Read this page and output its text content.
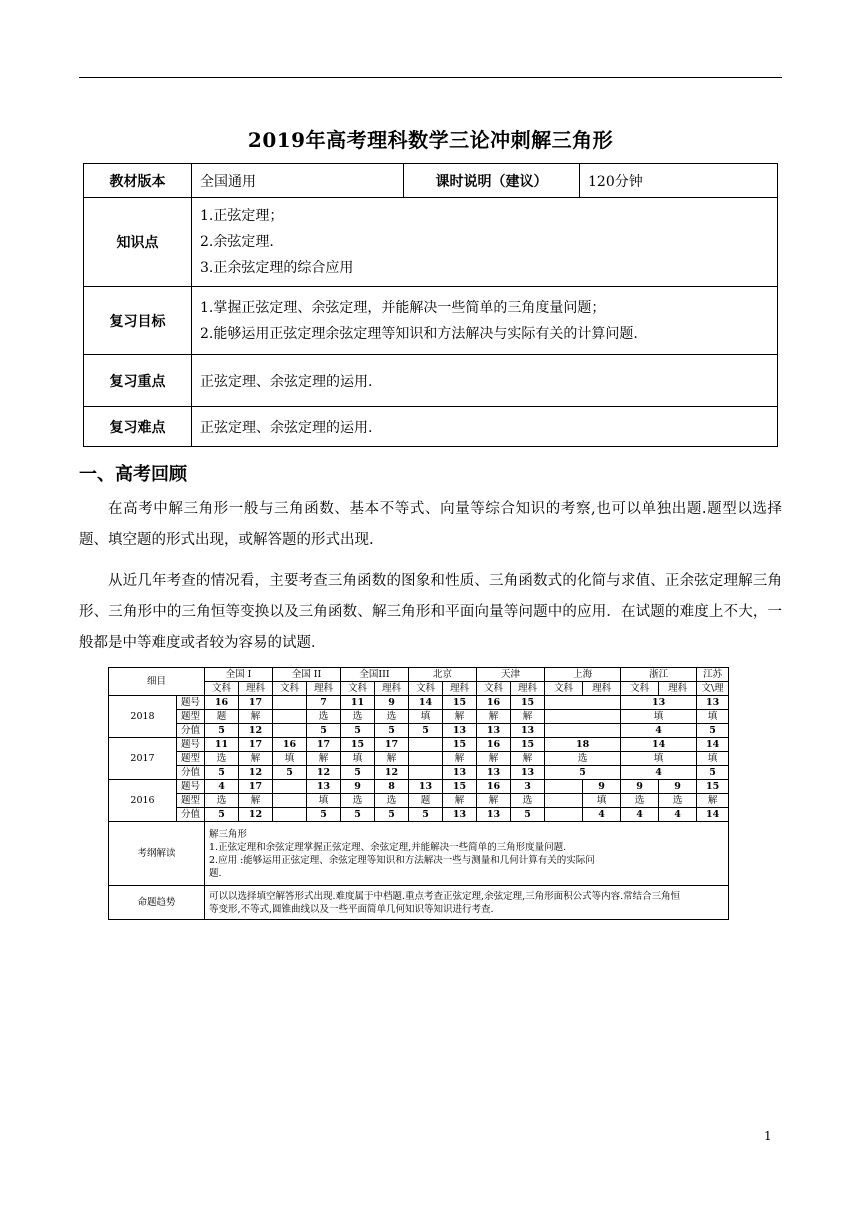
2019年高考理科数学三论冲刺解三角形
教材版本	全国通用	课时说明（建议）	120分钟
知识点	1.正弦定理；
2.余弦定理.
3.正余弦定理的综合应用		

复习目标	1.掌握正弦定理、余弦定理，并能解决一些简单的三角度量问题；
2.能够运用正弦定理余弦定理等知识和方法解决与实际有关的计算问题.		

复习重点	正弦定理、余弦定理的运用.		
复习难点	正弦定理、余弦定理的运用.		
一、高考回顾
在高考中解三角形一般与三角函数、基本不等式、向量等综合知识的考察,也可以单独出题.题型以选择题、填空题的形式出现，或解答题的形式出现.
从近几年考查的情况看，主要考查三角函数的图象和性质、三角函数式的化简与求值、正余弦定理解三角形、三角形中的三角恒等变换以及三角函数、解三角形和平面向量等问题中的应用．在试题的难度上不大，一般都是中等难度或者较为容易的试题．
细目		全国 I		全国 II		全国III		北京		天津		上海		浙江		江苏
		文科	理科	文科	理科	文科	理科	文科	理科	文科	理科	文科	理科	文科	理科	文\理
2018	题号	16	17		7	11	9	14	15	16	15			13		13
	题型	题	解		选	选	选	填	解	解	解			填		填
	分值	5	12		5	5	5	5	13	13	13			4		5
2017	题号	11	17	16	17	15	17		15	16	15	18		14		14
	题型	选	解	填	解	填	解		解	解	解	选		填		填
	分值	5	12	5	12	5	12		13	13	13	5		4		5
2016	题号	4	17		13	9	8	13	15	16	3		9	9	9	15
	题型	选	解		填	选	选	题	解	解	选		填	选	选	解
	分值	5	12		5	5	5	5	13	13	5		4	4	4	14
考纲解读		解三角形
1.正弦定理和余弦定理掌握正弦定理、余弦定理,并能解决一些简单的三角形度量问题.
2.应用 :能够运用正弦定理、余弦定理等知识和方法解决一些与测量和几何计算有关的实际问
题.														

命题趋势		可以以选择填空解答形式出现.难度属于中档题.重点考查正弦定理,余弦定理,三角形面积公式等内容.常结合三角恒
等变形,不等式,圆锥曲线以及一些平面简单几何知识等知识进行考查.														
1
